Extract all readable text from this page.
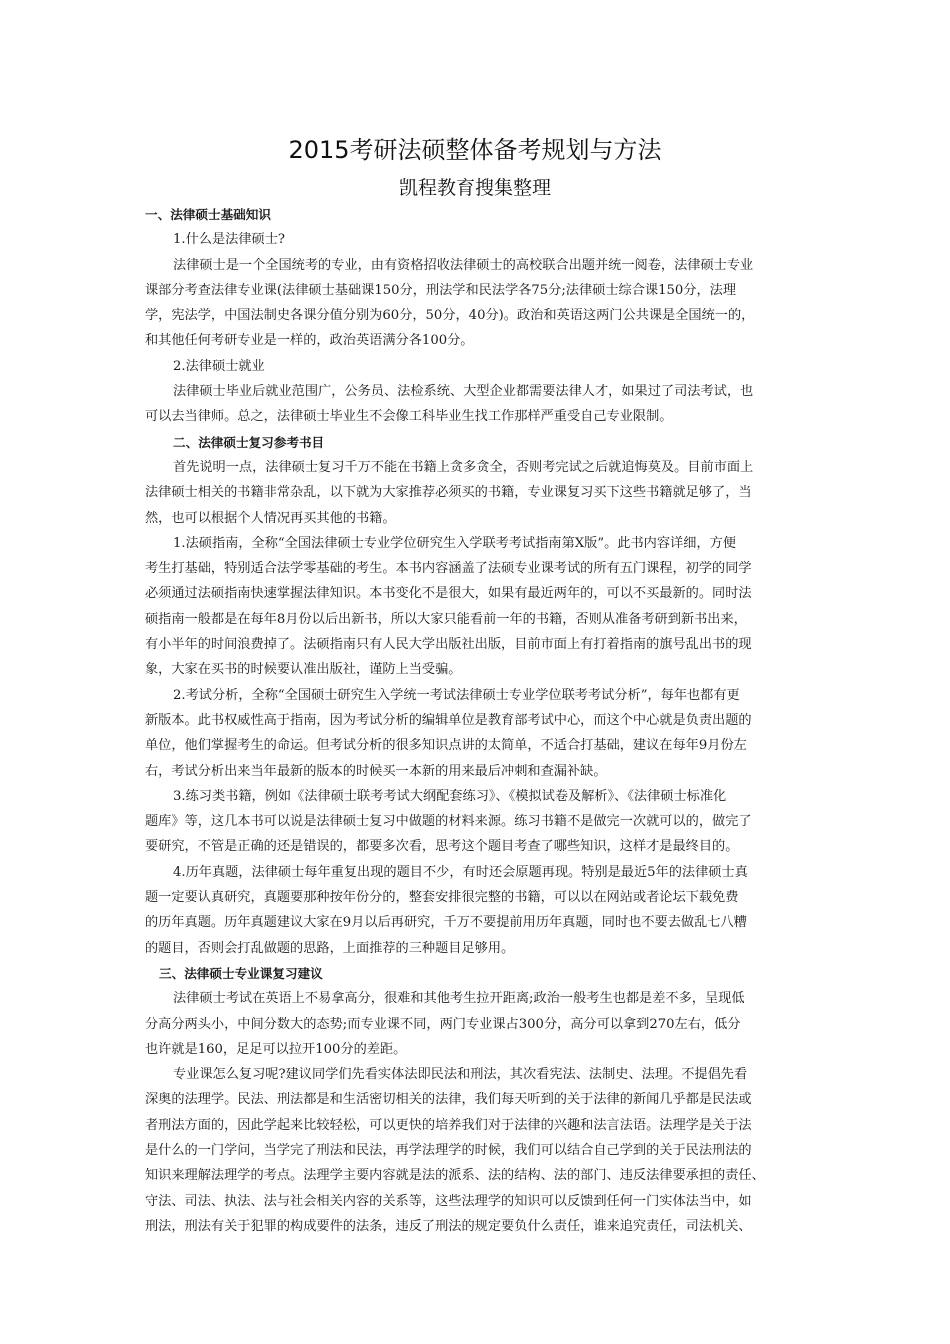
2015考研法硕整体备考规划与方法
凯程教育搜集整理
一、法律硕士基础知识
1.什么是法律硕士?
法律硕士是一个全国统考的专业，由有资格招收法律硕士的高校联合出题并统一阅卷，法律硕士专业
课部分考查法律专业课(法律硕士基础课150分，刑法学和民法学各75分;法律硕士综合课150分，法理
学，宪法学，中国法制史各课分值分别为60分，50分，40分)。政治和英语这两门公共课是全国统一的，
和其他任何考研专业是一样的，政治英语满分各100分。
2.法律硕士就业
法律硕士毕业后就业范围广，公务员、法检系统、大型企业都需要法律人才，如果过了司法考试，也
可以去当律师。总之，法律硕士毕业生不会像工科毕业生找工作那样严重受自己专业限制。
二、法律硕士复习参考书目
首先说明一点，法律硕士复习千万不能在书籍上贪多贪全，否则考完试之后就追悔莫及。目前市面上
法律硕士相关的书籍非常杂乱，以下就为大家推荐必须买的书籍，专业课复习买下这些书籍就足够了，当
然，也可以根据个人情况再买其他的书籍。
1.法硕指南，全称“全国法律硕士专业学位研究生入学联考考试指南第X版”。此书内容详细，方便
考生打基础，特别适合法学零基础的考生。本书内容涵盖了法硕专业课考试的所有五门课程，初学的同学
必须通过法硕指南快速掌握法律知识。本书变化不是很大，如果有最近两年的，可以不买最新的。同时法
硕指南一般都是在每年8月份以后出新书，所以大家只能看前一年的书籍，否则从准备考研到新书出来，
有小半年的时间浪费掉了。法硕指南只有人民大学出版社出版，目前市面上有打着指南的旗号乱出书的现
象，大家在买书的时候要认准出版社，谨防上当受骗。
2.考试分析，全称“全国硕士研究生入学统一考试法律硕士专业学位联考考试分析”，每年也都有更
新版本。此书权威性高于指南，因为考试分析的编辑单位是教育部考试中心，而这个中心就是负责出题的
单位，他们掌握考生的命运。但考试分析的很多知识点讲的太简单，不适合打基础，建议在每年9月份左
右，考试分析出来当年最新的版本的时候买一本新的用来最后冲刺和查漏补缺。
3.练习类书籍，例如《法律硕士联考考试大纲配套练习》、《模拟试卷及解析》、《法律硕士标准化
题库》等，这几本书可以说是法律硕士复习中做题的材料来源。练习书籍不是做完一次就可以的，做完了
要研究，不管是正确的还是错误的，都要多次看，思考这个题目考查了哪些知识，这样才是最终目的。
4.历年真题，法律硕士每年重复出现的题目不少，有时还会原题再现。特别是最近5年的法律硕士真
题一定要认真研究，真题要那种按年份分的，整套安排很完整的书籍，可以以在网站或者论坛下载免费
的历年真题。历年真题建议大家在9月以后再研究，千万不要提前用历年真题，同时也不要去做乱七八糟
的题目，否则会打乱做题的思路，上面推荐的三种题目足够用。
三、法律硕士专业课复习建议
法律硕士考试在英语上不易拿高分，很难和其他考生拉开距离;政治一般考生也都是差不多，呈现低
分高分两头小，中间分数大的态势;而专业课不同，两门专业课占300分，高分可以拿到270左右，低分
也许就是160，足足可以拉开100分的差距。
专业课怎么复习呢?建议同学们先看实体法即民法和刑法，其次看宪法、法制史、法理。不提倡先看
深奥的法理学。民法、刑法都是和生活密切相关的法律，我们每天听到的关于法律的新闻几乎都是民法或
者刑法方面的，因此学起来比较轻松，可以更快的培养我们对于法律的兴趣和法言法语。法理学是关于法
是什么的一门学问，当学完了刑法和民法，再学法理学的时候，我们可以结合自己学到的关于民法刑法的
知识来理解法理学的考点。法理学主要内容就是法的派系、法的结构、法的部门、违反法律要承担的责任、
守法、司法、执法、法与社会相关内容的关系等，这些法理学的知识可以反馈到任何一门实体法当中，如
刑法，刑法有关于犯罪的构成要件的法条，违反了刑法的规定要负什么责任，谁来追究责任，司法机关、
